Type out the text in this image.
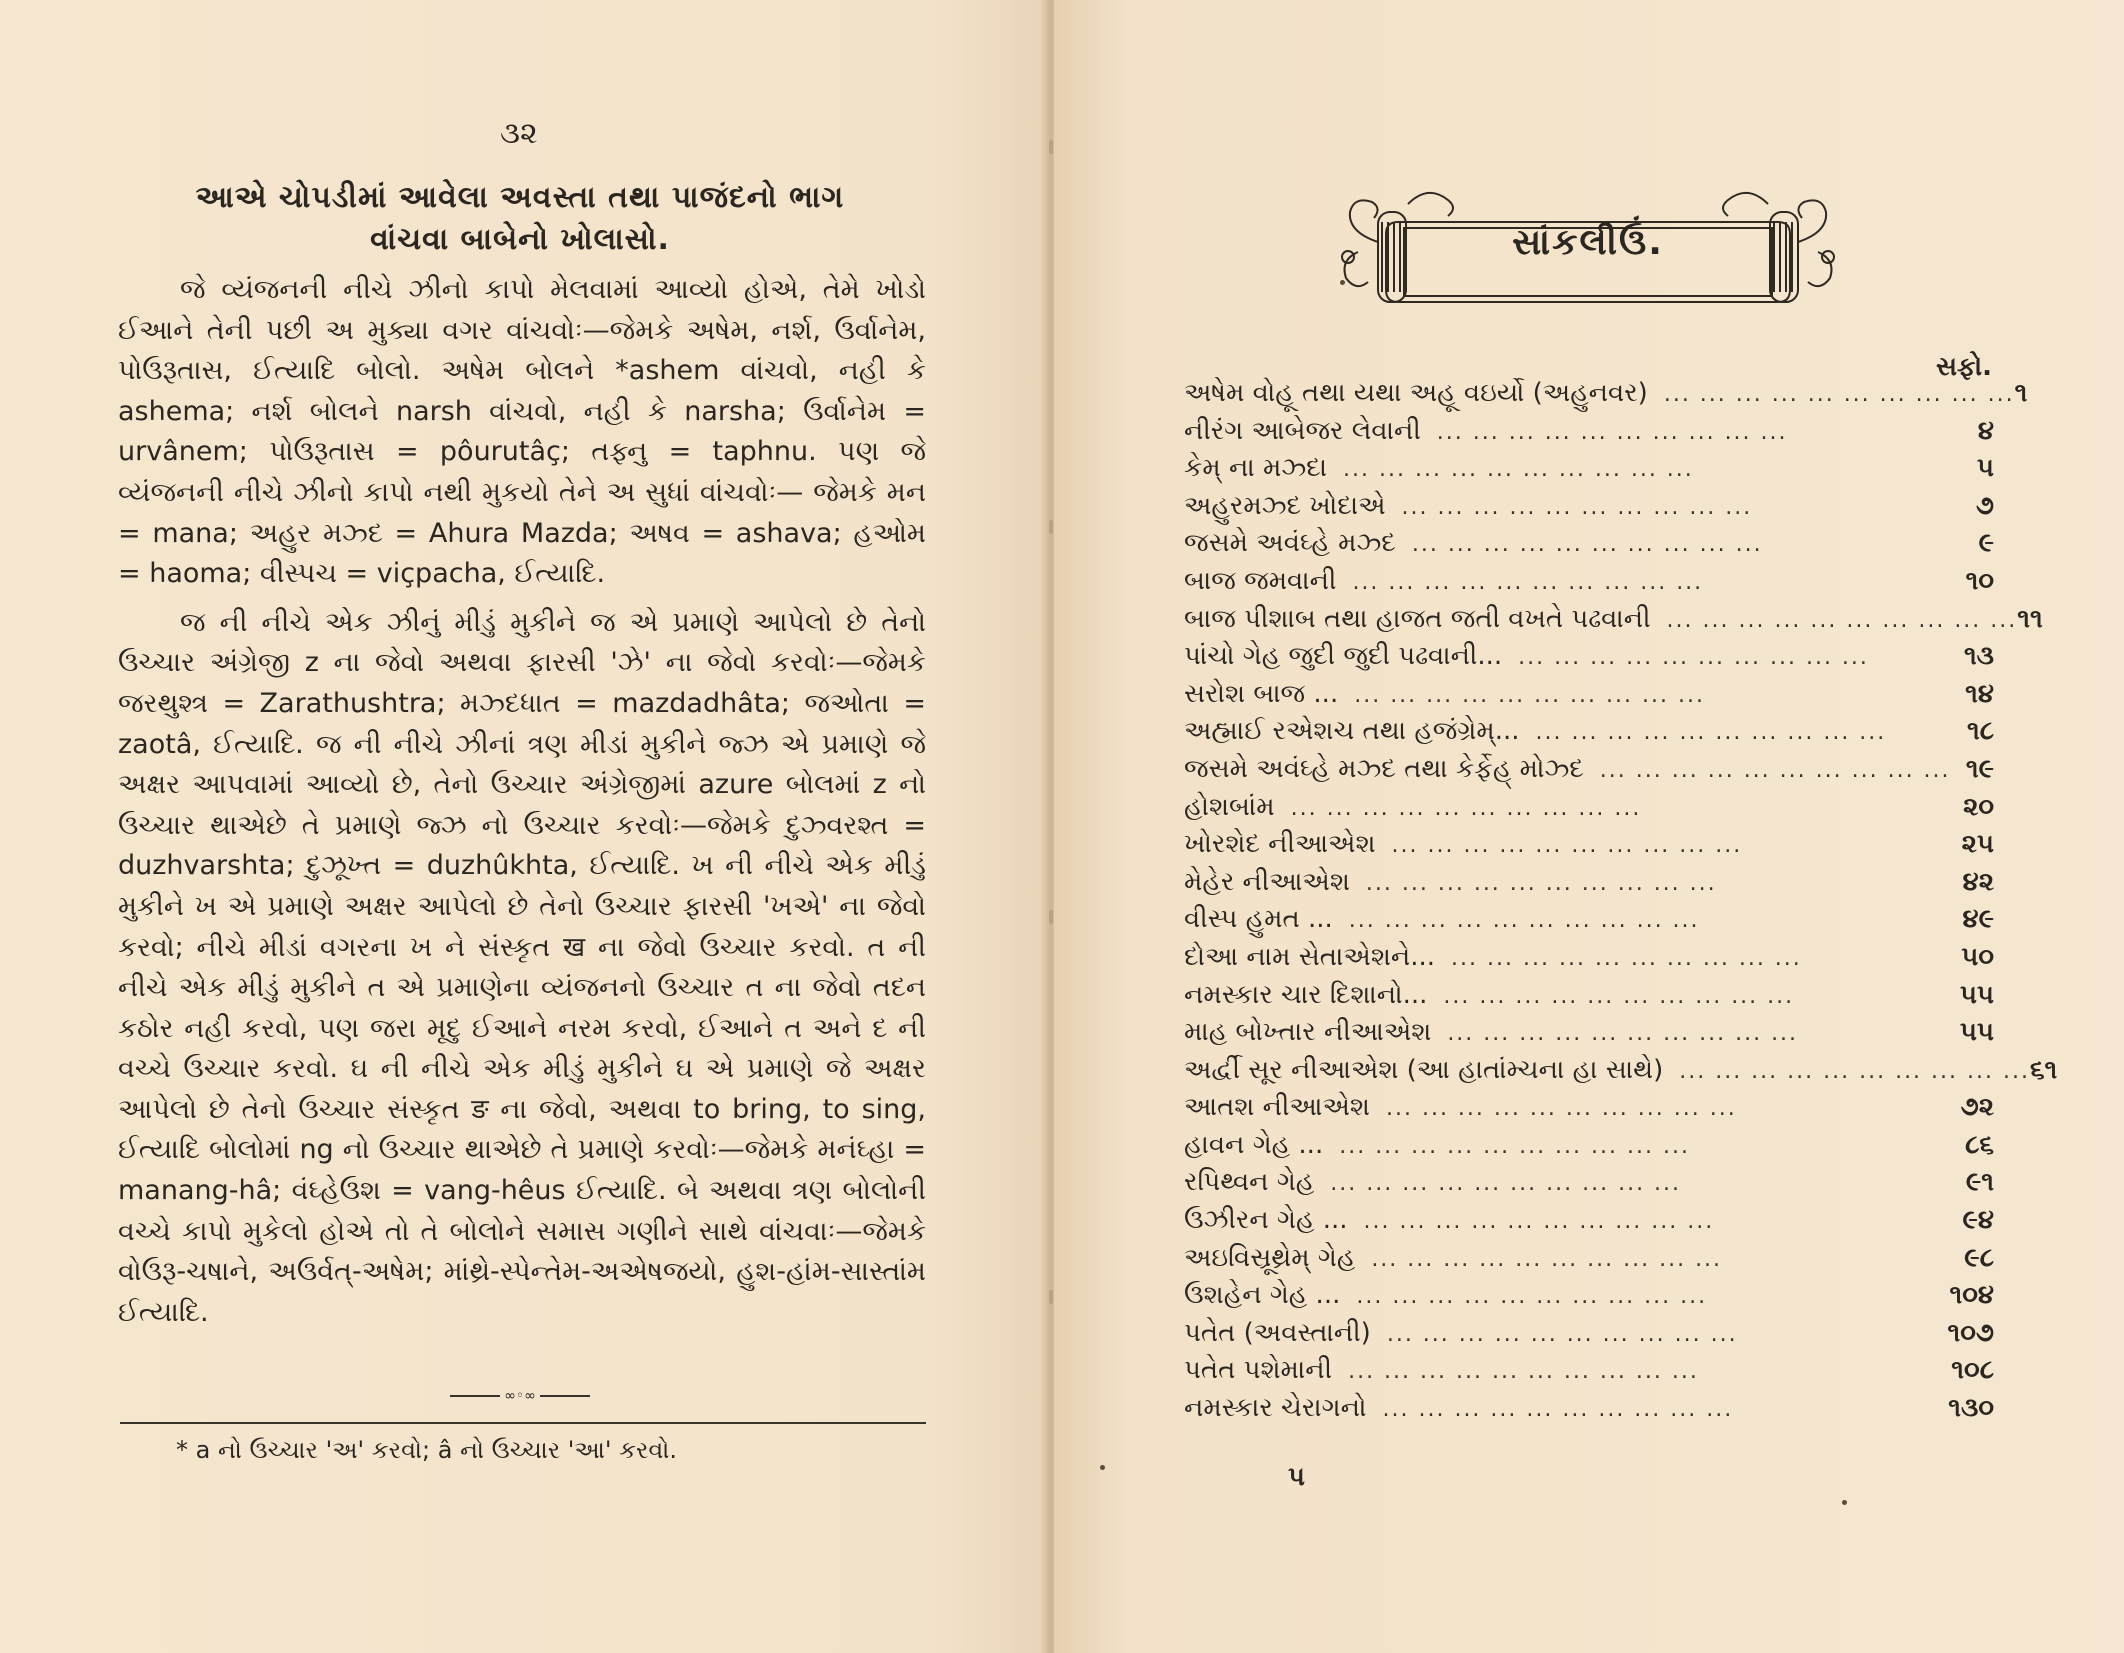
૩૨
આએ ચોપડીમાં આવેલા અવસ્તા તથા પાજંદનો ભાગ
વાંચવા બાબેનો ખોલાસો.

જે વ્યંજનની નીચે ઝીનો કાપો મેલવામાં આવ્યો હોએ, તેમે ખોડો ઈઆને તેની પછી અ મુક્યા વગર વાંચવોઃ—જેમકે અષેમ, નર્શ, ઉર્વાનેમ, પોઉરૂતાસ, ઈત્યાદિ બોલો. અષેમ બોલને *ashem વાંચવો, નહી કે ashema; નર્શ બોલને narsh વાંચવો, નહી કે narsha; ઉર્વાનેમ = urvânem; પોઉરૂતાસ = pôurutâç; તફ્નુ = taphnu. પણ જે વ્યંજનની નીચે ઝીનો કાપો નથી મુકયો તેને અ સુધાં વાંચવોઃ— જેમકે મન = mana; અહુર મઝ્દ = Ahura Mazda; અષવ = ashava; હઓમ = haoma; વીસ્પચ = viçpacha, ઈત્યાદિ.

જ ની નીચે એક ઝીનું મીડું મુકીને જ એ પ્રમાણે આપેલો છે તેનો ઉચ્ચાર અંગ્રેજી z ના જેવો અથવા ફારસી 'ઝે' ના જેવો કરવોઃ—જેમકે જરથુશ્ત્ર = Zarathushtra; મઝ્દધાત = mazdadhâta; જઓતા = zaotâ, ઈત્યાદિ. જ ની નીચે ઝીનાં ત્રણ મીડાં મુકીને જ્ઝ એ પ્રમાણે જે અક્ષર આપવામાં આવ્યો છે, તેનો ઉચ્ચાર અંગ્રેજીમાં azure બોલમાં z નો ઉચ્ચાર થાએછે તે પ્રમાણે જ્ઝ નો ઉચ્ચાર કરવોઃ—જેમકે દુઝ્વરશ્ત = duzhvarshta; દુઝૂખ્ત = duzhûkhta, ઈત્યાદિ. ખ ની નીચે એક મીડું મુકીને ખ એ પ્રમાણે અક્ષર આપેલો છે તેનો ઉચ્ચાર ફારસી 'ખએ' ના જેવો કરવો; નીચે મીડાં વગરના ખ ને સંસ્કૃત ख ના જેવો ઉચ્ચાર કરવો. ત ની નીચે એક મીડું મુકીને ત એ પ્રમાણેના વ્યંજનનો ઉચ્ચાર ત ના જેવો તદન કઠોર નહી કરવો, પણ જરા મૃદુ ઈઆને નરમ કરવો, ઈઆને ત અને દ ની વચ્ચે ઉચ્ચાર કરવો. ઘ ની નીચે એક મીડું મુકીને ઘ એ પ્રમાણે જે અક્ષર આપેલો છે તેનો ઉચ્ચાર સંસ્કૃત ङ ના જેવો, અથવા to bring, to sing, ઈત્યાદિ બોલોમાં ng નો ઉચ્ચાર થાએછે તે પ્રમાણે કરવોઃ—જેમકે મનંઘ્હા = manang-hâ; વંઘ્હેઉશ = vang-hêus ઈત્યાદિ. બે અથવા ત્રણ બોલોની વચ્ચે કાપો મુકેલો હોએ તો તે બોલોને સમાસ ગણીને સાથે વાંચવાઃ—જેમકે વોઉરૂ-ચષાને, અઉર્વત્-અષેમ; માંથ્રે-સ્પેન્તેમ-અએષજયો, હુશ-હાંમ-સાસ્તાંમ ઈત્યાદિ.

∞◦∞
* a નો ઉચ્ચાર 'અ' કરવો; â નો ઉચ્ચાર 'આ' કરવો.
સાંકલીઉં.
સફો.
અષેમ વોહૂ તથા યથા અહૂ વઇર્યો (અહુનવર) ... ... ... ... ... ... ... ... ... ... ૧
નીરંગ આબેજર લેવાની ... ... ... ... ... ... ... ... ... ...	૪
કેમ્ ના મઝ્દા ... ... ... ... ... ... ... ... ... ...	૫
અહુરમઝ્દ ખોદાએ ... ... ... ... ... ... ... ... ... ...	૭
જસમે અવંઘ્હે મઝ્દ ... ... ... ... ... ... ... ... ... ...	૯
બાજ જમવાની ... ... ... ... ... ... ... ... ... ...	૧૦
બાજ પીશાબ તથા હાજત જતી વખતે પઢવાની ... ... ... ... ... ... ... ... ... ... ૧૧
પાંચો ગેહ જુદી જુદી પઢવાની... ... ... ... ... ... ... ... ... ... ...	૧૩
સરોશ બાજ ... ... ... ... ... ... ... ... ... ... ...	૧૪
અહ્માઈ રએશચ તથા હજંગ્રેમ્... ... ... ... ... ... ... ... ... ... ...	૧૮
જસમે અવંઘ્હે મઝ્દ તથા કેર્ફેહ્ મોઝ્દ ... ... ... ... ... ... ... ... ... ... ૧૯
હોશબાંમ ... ... ... ... ... ... ... ... ... ...	૨૦
ખોરશેદ નીઆએશ ... ... ... ... ... ... ... ... ... ...	૨૫
મેહેર નીઆએશ ... ... ... ... ... ... ... ... ... ...	૪૨
વીસ્પ હુમત ... ... ... ... ... ... ... ... ... ... ...	૪૯
દોઆ નામ સેતાએશને... ... ... ... ... ... ... ... ... ... ...	૫૦
નમસ્કાર ચાર દિશાનો... ... ... ... ... ... ... ... ... ... ...	૫૫
માહ બોખ્તાર નીઆએશ ... ... ... ... ... ... ... ... ... ...	૫૫
અર્દ્વી સૂર નીઆએશ (આ હાતાંમ્ચના હા સાથે) ... ... ... ... ... ... ... ... ... ... ૬૧
આતશ નીઆએશ ... ... ... ... ... ... ... ... ... ...	૭૨
હાવન ગેહ ... ... ... ... ... ... ... ... ... ... ...	૮૬
રપિથ્વન ગેહ ... ... ... ... ... ... ... ... ... ...	૯૧
ઉઝીરન ગેહ ... ... ... ... ... ... ... ... ... ... ...	૯૪
અઇવિસ્રૂથ્રેમ્ ગેહ ... ... ... ... ... ... ... ... ... ...	૯૮
ઉશહેન ગેહ ... ... ... ... ... ... ... ... ... ... ...	૧૦૪
પતેત (અવસ્તાની) ... ... ... ... ... ... ... ... ... ...	૧૦૭
પતેત પશેમાની ... ... ... ... ... ... ... ... ... ...	૧૦૮
નમસ્કાર ચેરાગનો ... ... ... ... ... ... ... ... ... ...	૧૩૦
પ
